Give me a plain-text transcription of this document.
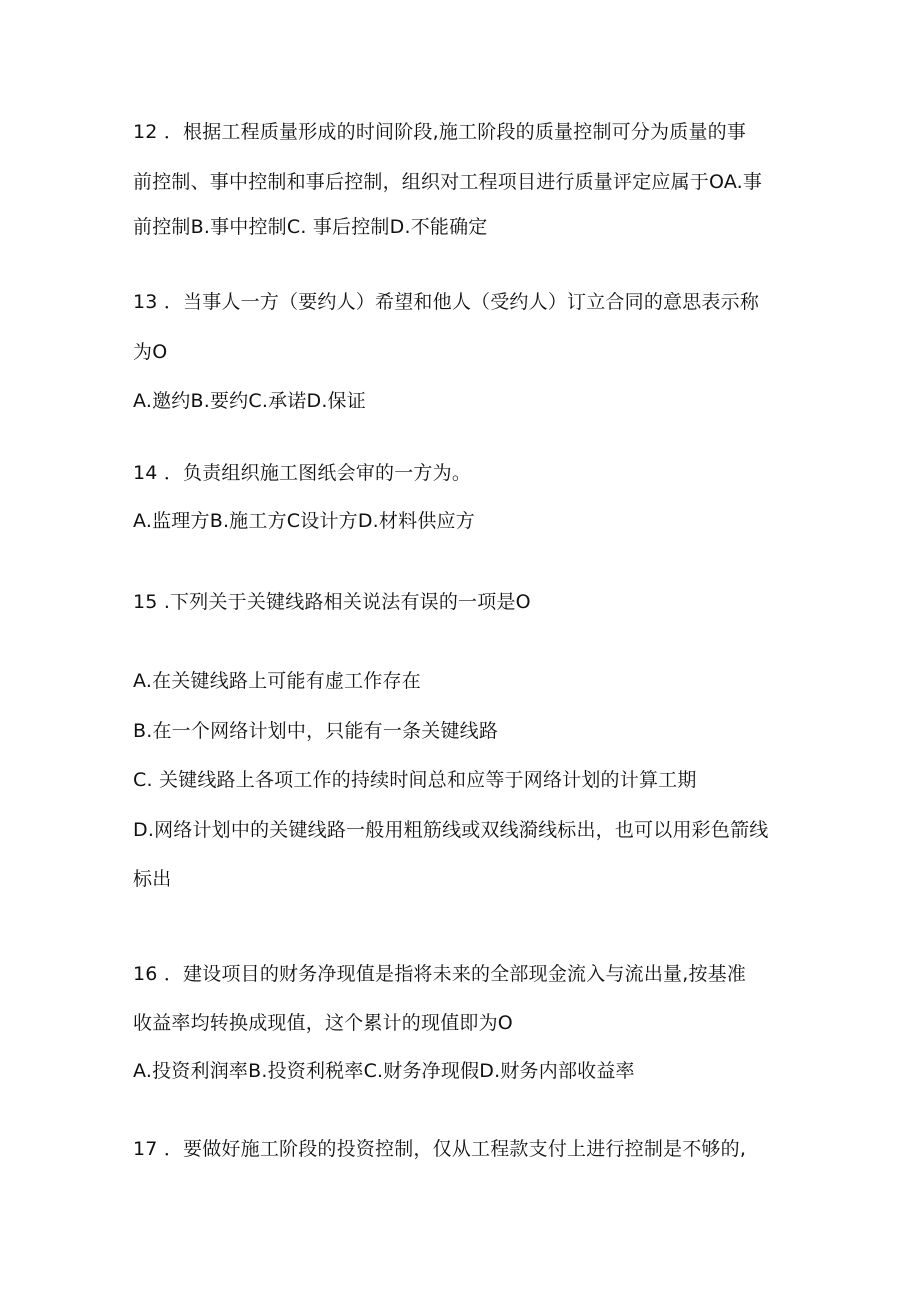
12 ．根据工程质量形成的时间阶段,施工阶段的质量控制可分为质量的事
前控制、事中控制和事后控制，组织对工程项目进行质量评定应属于OA.事
前控制B.事中控制C. 事后控制D.不能确定
13 ．当事人一方（要约人）希望和他人（受约人）订立合同的意思表示称
为O
A.邀约B.要约C.承诺D.保证
14 ．负责组织施工图纸会审的一方为。
A.监理方B.施工方C设计方D.材料供应方
15 .下列关于关键线路相关说法有误的一项是O
A.在关键线路上可能有虚工作存在
B.在一个网络计划中，只能有一条关键线路
C. 关键线路上各项工作的持续时间总和应等于网络计划的计算工期
D.网络计划中的关键线路一般用粗筋线或双线漪线标出，也可以用彩色箭线
标出
16 ．建设项目的财务净现值是指将未来的全部现金流入与流出量,按基准
收益率均转换成现值，这个累计的现值即为O
A.投资利润率B.投资利税率C.财务净现假D.财务内部收益率
17 ．要做好施工阶段的投资控制，仅从工程款支付上进行控制是不够的,
